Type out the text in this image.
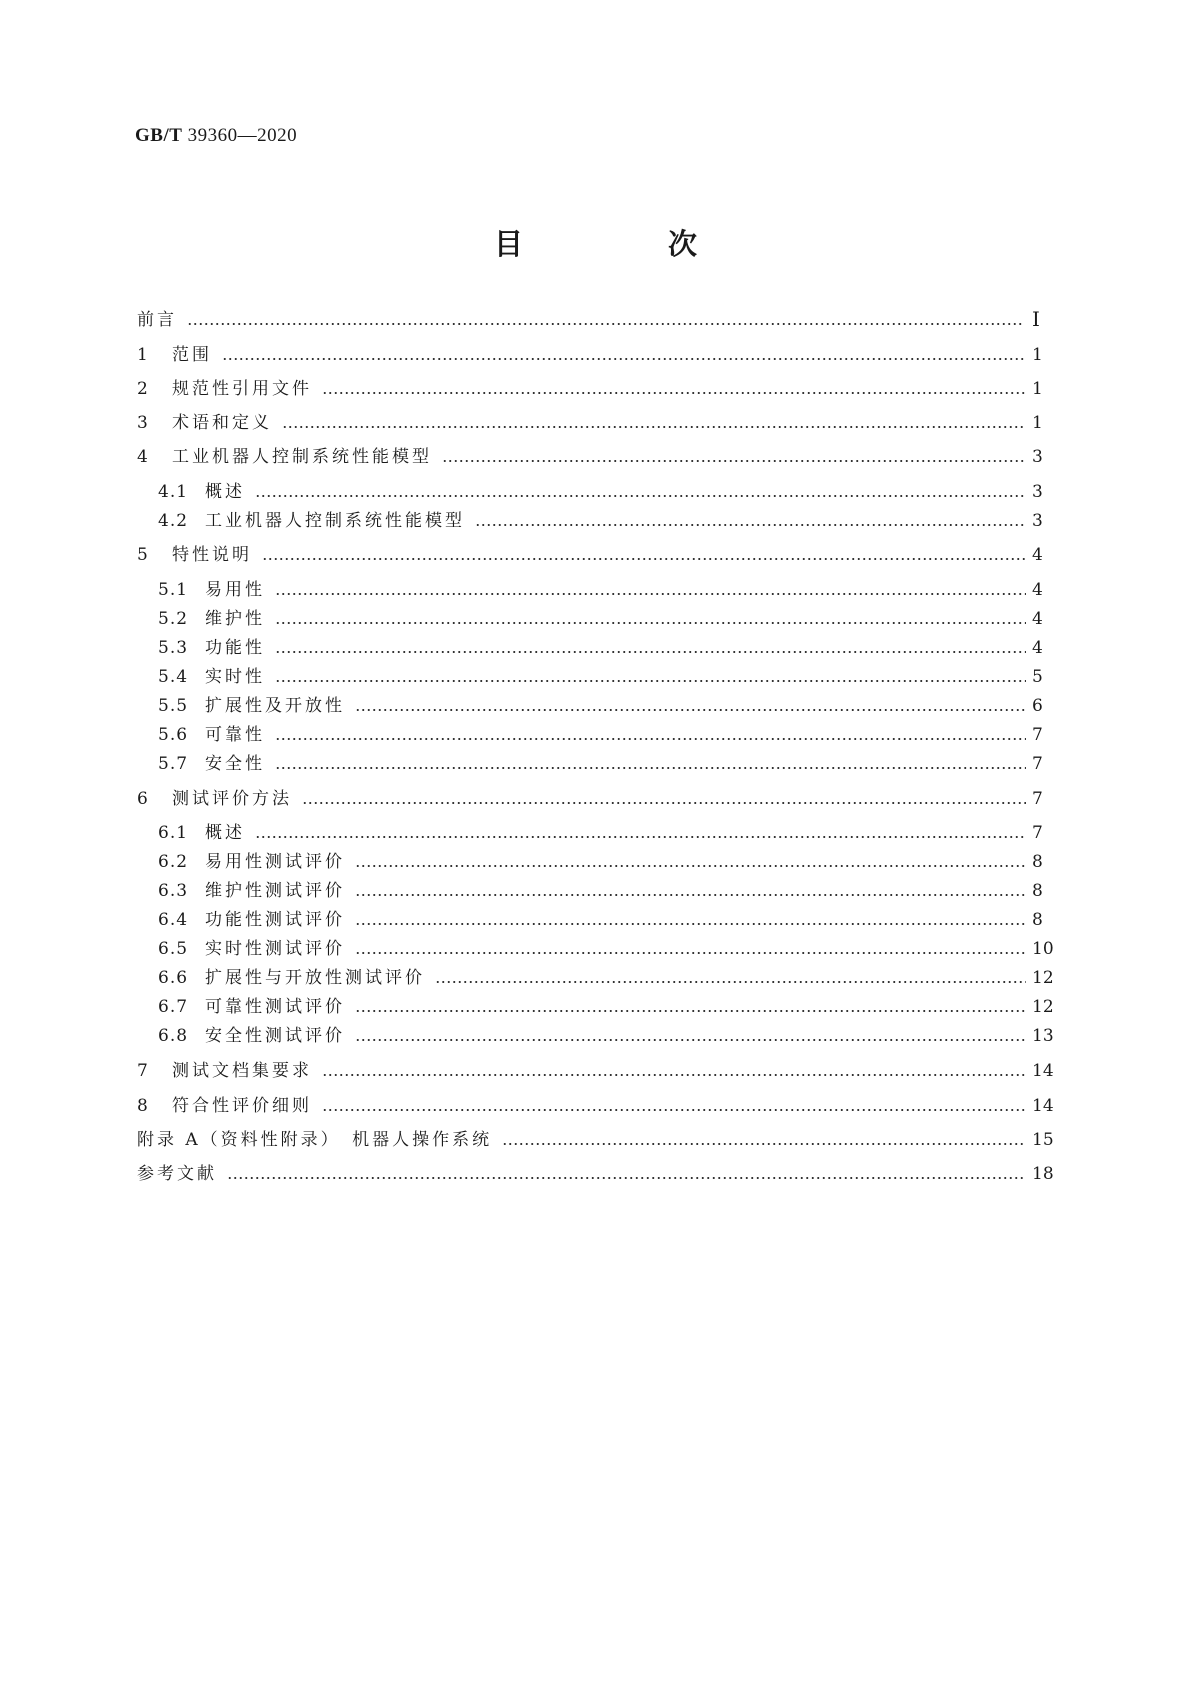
GB/T 39360—2020
目　次
前言	Ⅰ
1	范围	1
2	规范性引用文件	1
3	术语和定义	1
4	工业机器人控制系统性能模型	3
4.1 概述	3
4.2 工业机器人控制系统性能模型	3
5	特性说明	4
5.1 易用性	4
5.2 维护性	4
5.3 功能性	4
5.4 实时性	5
5.5 扩展性及开放性	6
5.6 可靠性	7
5.7 安全性	7
6	测试评价方法	7
6.1 概述	7
6.2 易用性测试评价	8
6.3 维护性测试评价	8
6.4 功能性测试评价	8
6.5 实时性测试评价	10
6.6 扩展性与开放性测试评价	12
6.7 可靠性测试评价	12
6.8 安全性测试评价	13
7	测试文档集要求	14
8	符合性评价细则	14
附录 A（资料性附录）　机器人操作系统	15
参考文献	18
